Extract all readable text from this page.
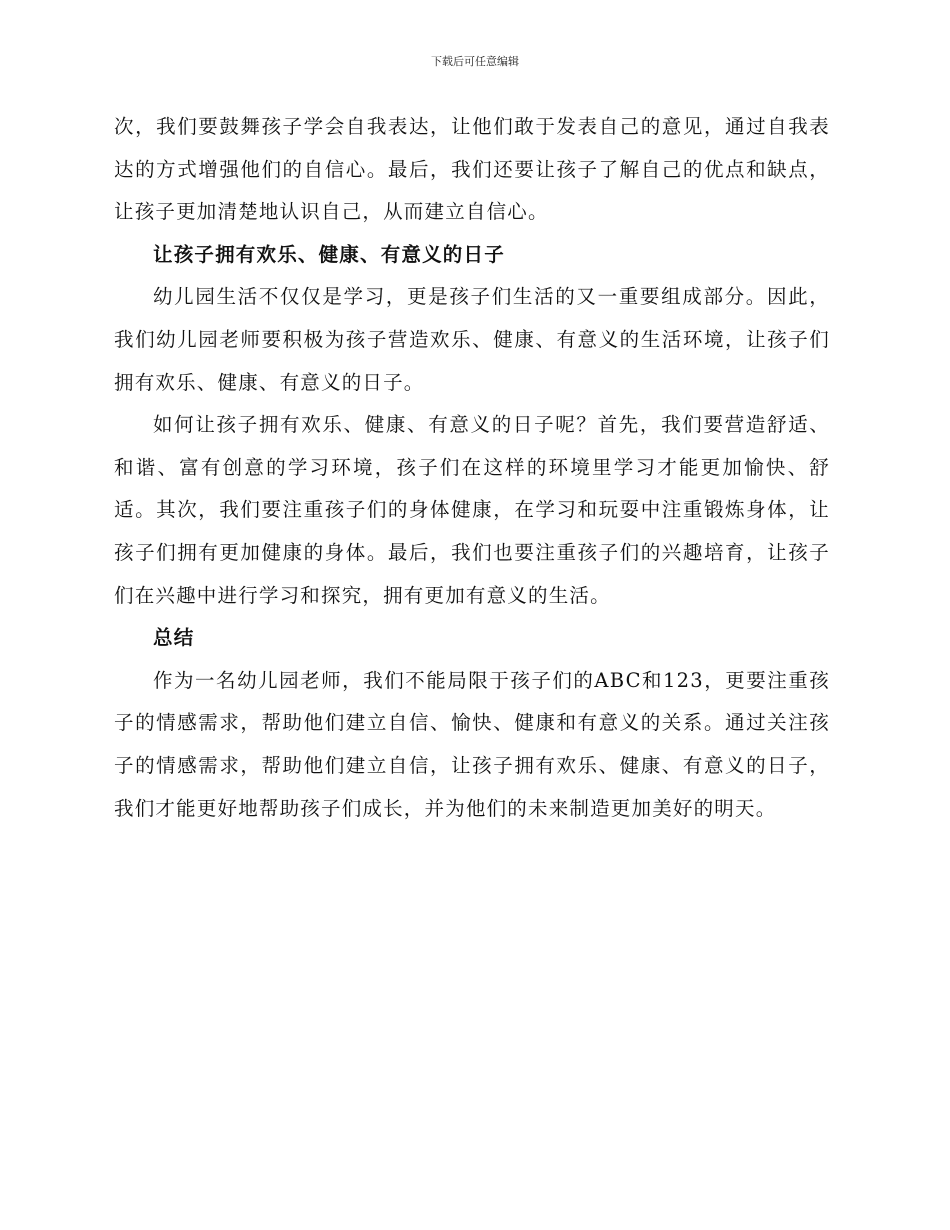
下载后可任意编辑

次，我们要鼓舞孩子学会自我表达，让他们敢于发表自己的意见，通过自我表达的方式增强他们的自信心。最后，我们还要让孩子了解自己的优点和缺点，让孩子更加清楚地认识自己，从而建立自信心。

让孩子拥有欢乐、健康、有意义的日子

幼儿园生活不仅仅是学习，更是孩子们生活的又一重要组成部分。因此，我们幼儿园老师要积极为孩子营造欢乐、健康、有意义的生活环境，让孩子们拥有欢乐、健康、有意义的日子。

如何让孩子拥有欢乐、健康、有意义的日子呢？首先，我们要营造舒适、和谐、富有创意的学习环境，孩子们在这样的环境里学习才能更加愉快、舒适。其次，我们要注重孩子们的身体健康，在学习和玩耍中注重锻炼身体，让孩子们拥有更加健康的身体。最后，我们也要注重孩子们的兴趣培育，让孩子们在兴趣中进行学习和探究，拥有更加有意义的生活。

总结

作为一名幼儿园老师，我们不能局限于孩子们的ABC和123，更要注重孩子的情感需求，帮助他们建立自信、愉快、健康和有意义的关系。通过关注孩子的情感需求，帮助他们建立自信，让孩子拥有欢乐、健康、有意义的日子，我们才能更好地帮助孩子们成长，并为他们的未来制造更加美好的明天。
